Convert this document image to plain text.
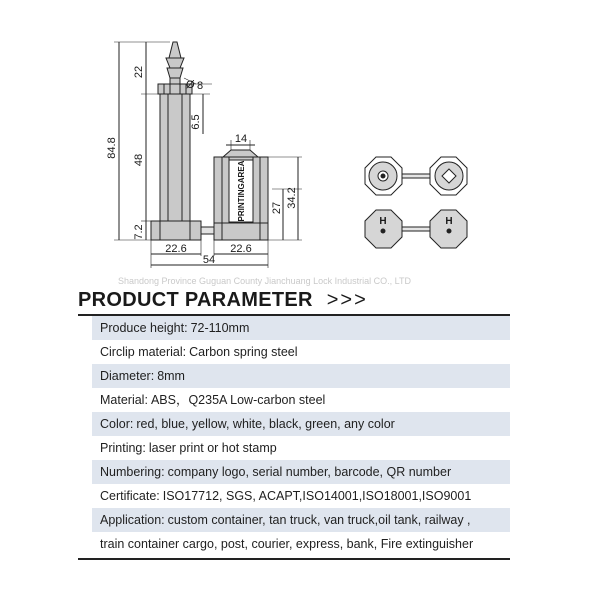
84.8
22
48
7.2
Ø 8
6.5
14
27 34.2
22.6	22.6
54
PRINTINGAREA
H	H
Shandong Province Guguan County Jianchuang Lock Industrial CO., LTD
PRODUCT PARAMETER >>>
Produce height: 72-110mm
Circlip material: Carbon spring steel
Diameter: 8mm
Material: ABS，Q235A Low-carbon steel
Color: red, blue, yellow, white, black, green, any color
Printing: laser print or hot stamp
Numbering: company logo, serial number, barcode, QR number
Certificate: ISO17712, SGS, ACAPT,ISO14001,ISO18001,ISO9001
Application: custom container, tan truck, van truck,oil tank, railway ,
train container cargo, post, courier, express, bank, Fire extinguisher
